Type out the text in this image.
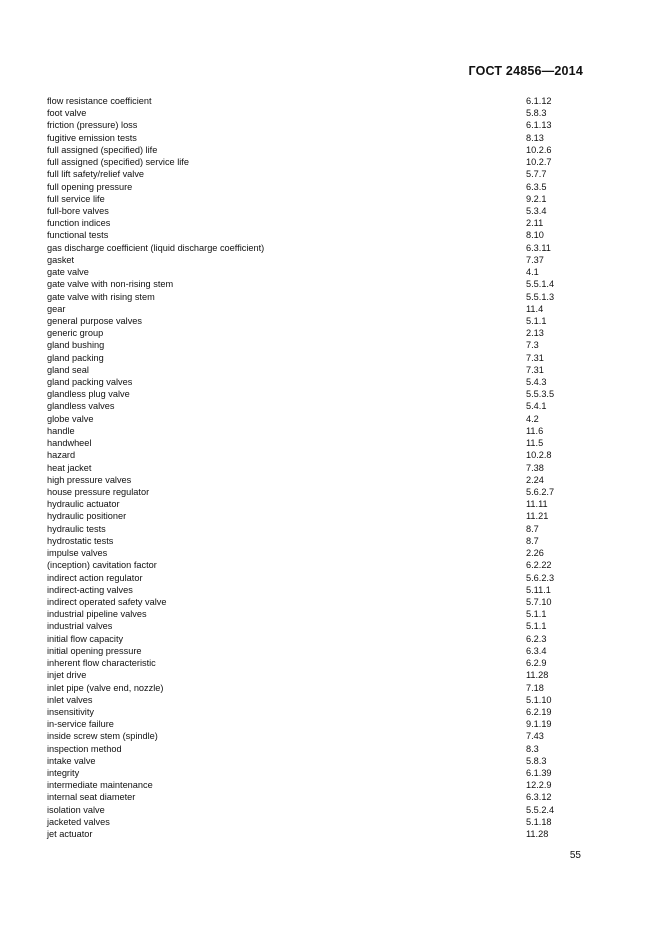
ГОСТ 24856—2014
flow resistance coefficient	6.1.12
foot valve	5.8.3
friction (pressure) loss	6.1.13
fugitive emission tests	8.13
full assigned (specified) life	10.2.6
full assigned (specified) service life	10.2.7
full lift safety/relief valve	5.7.7
full opening pressure	6.3.5
full service life	9.2.1
full-bore valves	5.3.4
function indices	2.11
functional tests	8.10
gas discharge coefficient (liquid discharge coefficient)	6.3.11
gasket	7.37
gate valve	4.1
gate valve with non-rising stem	5.5.1.4
gate valve with rising stem	5.5.1.3
gear	11.4
general purpose valves	5.1.1
generic group	2.13
gland bushing	7.3
gland packing	7.31
gland seal	7.31
gland packing valves	5.4.3
glandless plug valve	5.5.3.5
glandless valves	5.4.1
globe valve	4.2
handle	11.6
handwheel	11.5
hazard	10.2.8
heat jacket	7.38
high pressure valves	2.24
house pressure regulator	5.6.2.7
hydraulic actuator	11.11
hydraulic positioner	11.21
hydraulic tests	8.7
hydrostatic tests	8.7
impulse valves	2.26
(inception) cavitation factor	6.2.22
indirect action regulator	5.6.2.3
indirect-acting valves	5.11.1
indirect operated safety valve	5.7.10
industrial pipeline valves	5.1.1
industrial valves	5.1.1
initial flow capacity	6.2.3
initial opening pressure	6.3.4
inherent flow characteristic	6.2.9
injet drive	11.28
inlet pipe (valve end, nozzle)	7.18
inlet valves	5.1.10
insensitivity	6.2.19
in-service failure	9.1.19
inside screw stem (spindle)	7.43
inspection method	8.3
intake valve	5.8.3
integrity	6.1.39
intermediate maintenance	12.2.9
internal seat diameter	6.3.12
isolation valve	5.5.2.4
jacketed valves	5.1.18
jet actuator	11.28
55
